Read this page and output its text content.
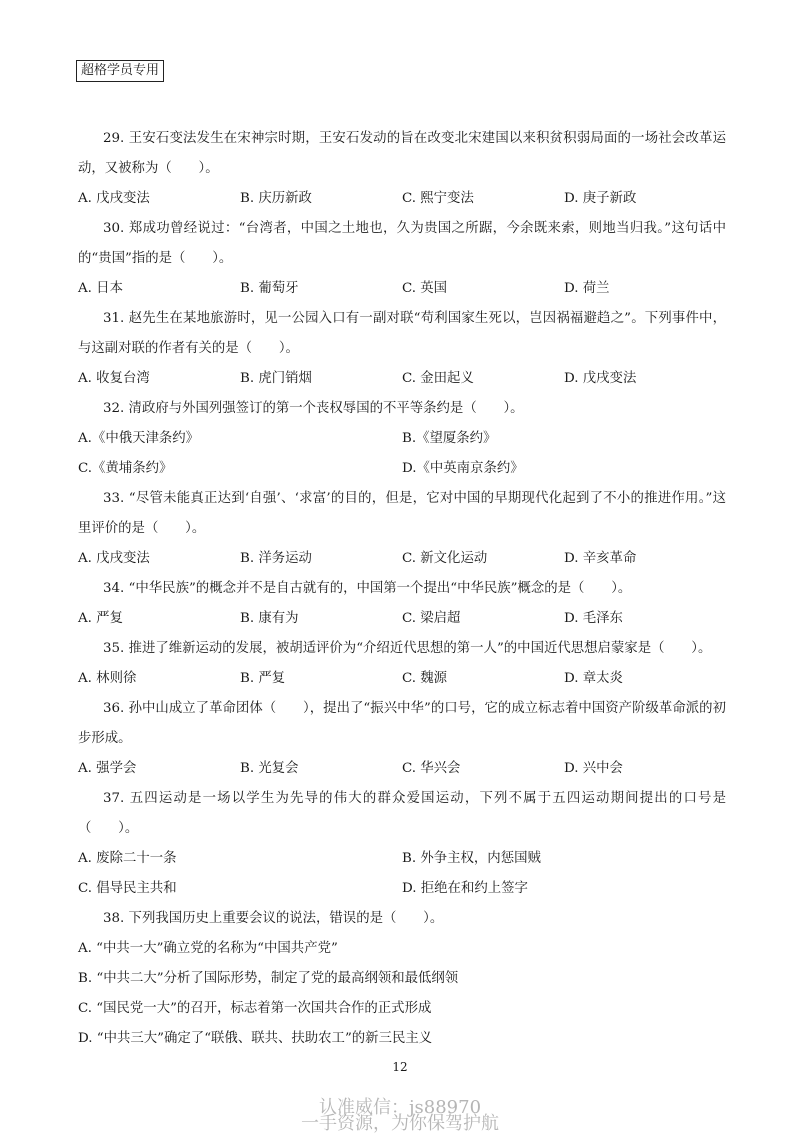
超格学员专用

29. 王安石变法发生在宋神宗时期，王安石发动的旨在改变北宋建国以来积贫积弱局面的一场社会改革运动，又被称为（　　）。

A. 戊戌变法	B. 庆历新政	C. 熙宁变法	D. 庚子新政

30. 郑成功曾经说过：“台湾者，中国之土地也，久为贵国之所踞，今余既来索，则地当归我。”这句话中的“贵国”指的是（　　）。

A. 日本	B. 葡萄牙	C. 英国	D. 荷兰

31. 赵先生在某地旅游时，见一公园入口有一副对联“苟利国家生死以，岂因祸福避趋之”。下列事件中，与这副对联的作者有关的是（　　）。

A. 收复台湾	B. 虎门销烟	C. 金田起义	D. 戊戌变法

32. 清政府与外国列强签订的第一个丧权辱国的不平等条约是（　　）。

A.《中俄天津条约》	B.《望厦条约》
C.《黄埔条约》	D.《中英南京条约》

33. “尽管未能真正达到‘自强’、‘求富’的目的，但是，它对中国的早期现代化起到了不小的推进作用。”这里评价的是（　　）。

A. 戊戌变法	B. 洋务运动	C. 新文化运动	D. 辛亥革命

34. “中华民族”的概念并不是自古就有的，中国第一个提出“中华民族”概念的是（　　）。

A. 严复	B. 康有为	C. 梁启超	D. 毛泽东

35. 推进了维新运动的发展，被胡适评价为“介绍近代思想的第一人”的中国近代思想启蒙家是（　　）。

A. 林则徐	B. 严复	C. 魏源	D. 章太炎

36. 孙中山成立了革命团体（　　），提出了“振兴中华”的口号，它的成立标志着中国资产阶级革命派的初步形成。

A. 强学会	B. 光复会	C. 华兴会	D. 兴中会

37. 五四运动是一场以学生为先导的伟大的群众爱国运动，下列不属于五四运动期间提出的口号是（　　）。

A. 废除二十一条	B. 外争主权，内惩国贼
C. 倡导民主共和	D. 拒绝在和约上签字

38. 下列我国历史上重要会议的说法，错误的是（　　）。

A. “中共一大”确立党的名称为“中国共产党”
B. “中共二大”分析了国际形势，制定了党的最高纲领和最低纲领
C. “国民党一大”的召开，标志着第一次国共合作的正式形成
D. “中共三大”确定了“联俄、联共、扶助农工”的新三民主义
12
认准威信：js88970
一手资源，为你保驾护航
